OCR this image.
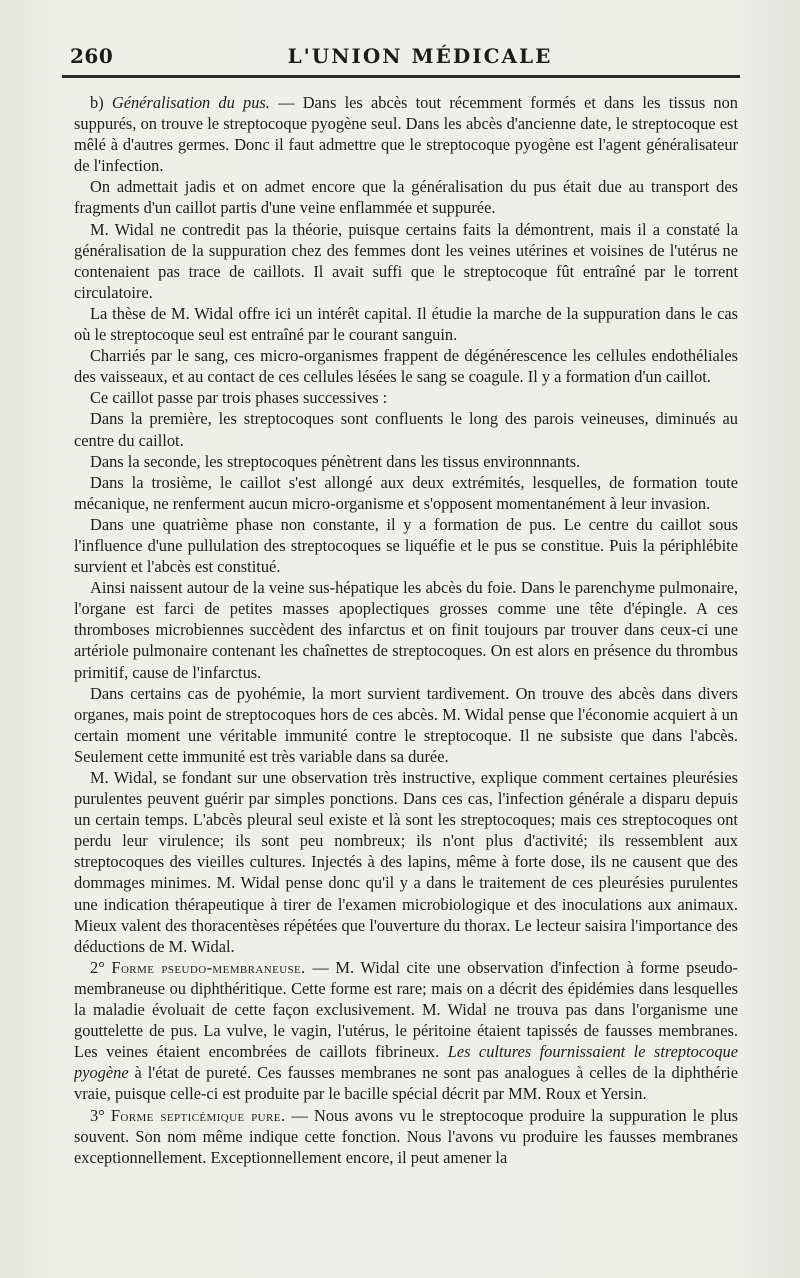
260	L'UNION MÉDICALE

b) Généralisation du pus. — Dans les abcès tout récemment formés et dans les tissus non suppurés, on trouve le streptocoque pyogène seul. Dans les abcès d'ancienne date, le streptocoque est mêlé à d'autres germes. Donc il faut admettre que le streptocoque pyogène est l'agent généralisateur de l'infection.

On admettait jadis et on admet encore que la généralisation du pus était due au transport des fragments d'un caillot partis d'une veine enflammée et suppurée.

M. Widal ne contredit pas la théorie, puisque certains faits la démontrent, mais il a constaté la généralisation de la suppuration chez des femmes dont les veines utérines et voisines de l'utérus ne contenaient pas trace de caillots. Il avait suffi que le streptocoque fût entraîné par le torrent circulatoire.

La thèse de M. Widal offre ici un intérêt capital. Il étudie la marche de la suppuration dans le cas où le streptocoque seul est entraîné par le courant sanguin.

Charriés par le sang, ces micro-organismes frappent de dégénérescence les cellules endothéliales des vaisseaux, et au contact de ces cellules lésées le sang se coagule. Il y a formation d'un caillot.

Ce caillot passe par trois phases successives :

Dans la première, les streptocoques sont confluents le long des parois veineuses, diminués au centre du caillot.

Dans la seconde, les streptocoques pénètrent dans les tissus environnnants.

Dans la trosième, le caillot s'est allongé aux deux extrémités, lesquelles, de formation toute mécanique, ne renferment aucun micro-organisme et s'opposent momentanément à leur invasion.

Dans une quatrième phase non constante, il y a formation de pus. Le centre du caillot sous l'influence d'une pullulation des streptocoques se liquéfie et le pus se constitue. Puis la périphlébite survient et l'abcès est constitué.

Ainsi naissent autour de la veine sus-hépatique les abcès du foie. Dans le parenchyme pulmonaire, l'organe est farci de petites masses apoplectiques grosses comme une tête d'épingle. A ces thromboses microbiennes succèdent des infarctus et on finit toujours par trouver dans ceux-ci une artériole pulmonaire contenant les chaînettes de streptocoques. On est alors en présence du thrombus primitif, cause de l'infarctus.

Dans certains cas de pyohémie, la mort survient tardivement. On trouve des abcès dans divers organes, mais point de streptocoques hors de ces abcès. M. Widal pense que l'économie acquiert à un certain moment une véritable immunité contre le streptocoque. Il ne subsiste que dans l'abcès. Seulement cette immunité est très variable dans sa durée.

M. Widal, se fondant sur une observation très instructive, explique comment certaines pleurésies purulentes peuvent guérir par simples ponctions. Dans ces cas, l'infection générale a disparu depuis un certain temps. L'abcès pleural seul existe et là sont les streptocoques; mais ces streptocoques ont perdu leur virulence; ils sont peu nombreux; ils n'ont plus d'activité; ils ressemblent aux streptocoques des vieilles cultures. Injectés à des lapins, même à forte dose, ils ne causent que des dommages minimes. M. Widal pense donc qu'il y a dans le traitement de ces pleurésies purulentes une indication thérapeutique à tirer de l'examen microbiologique et des inoculations aux animaux. Mieux valent des thoracentèses répétées que l'ouverture du thorax. Le lecteur saisira l'importance des déductions de M. Widal.

2° Forme pseudo-membraneuse. — M. Widal cite une observation d'infection à forme pseudo-membraneuse ou diphthéritique. Cette forme est rare; mais on a décrit des épidémies dans lesquelles la maladie évoluait de cette façon exclusivement. M. Widal ne trouva pas dans l'organisme une gouttelette de pus. La vulve, le vagin, l'utérus, le péritoine étaient tapissés de fausses membranes. Les veines étaient encombrées de caillots fibrineux. Les cultures fournissaient le streptocoque pyogène à l'état de pureté. Ces fausses membranes ne sont pas analogues à celles de la diphthérie vraie, puisque celle-ci est produite par le bacille spécial décrit par MM. Roux et Yersin.

3° Forme septicémique pure. — Nous avons vu le streptocoque produire la suppuration le plus souvent. Son nom même indique cette fonction. Nous l'avons vu produire les fausses membranes exceptionnellement. Exceptionnellement encore, il peut amener la
